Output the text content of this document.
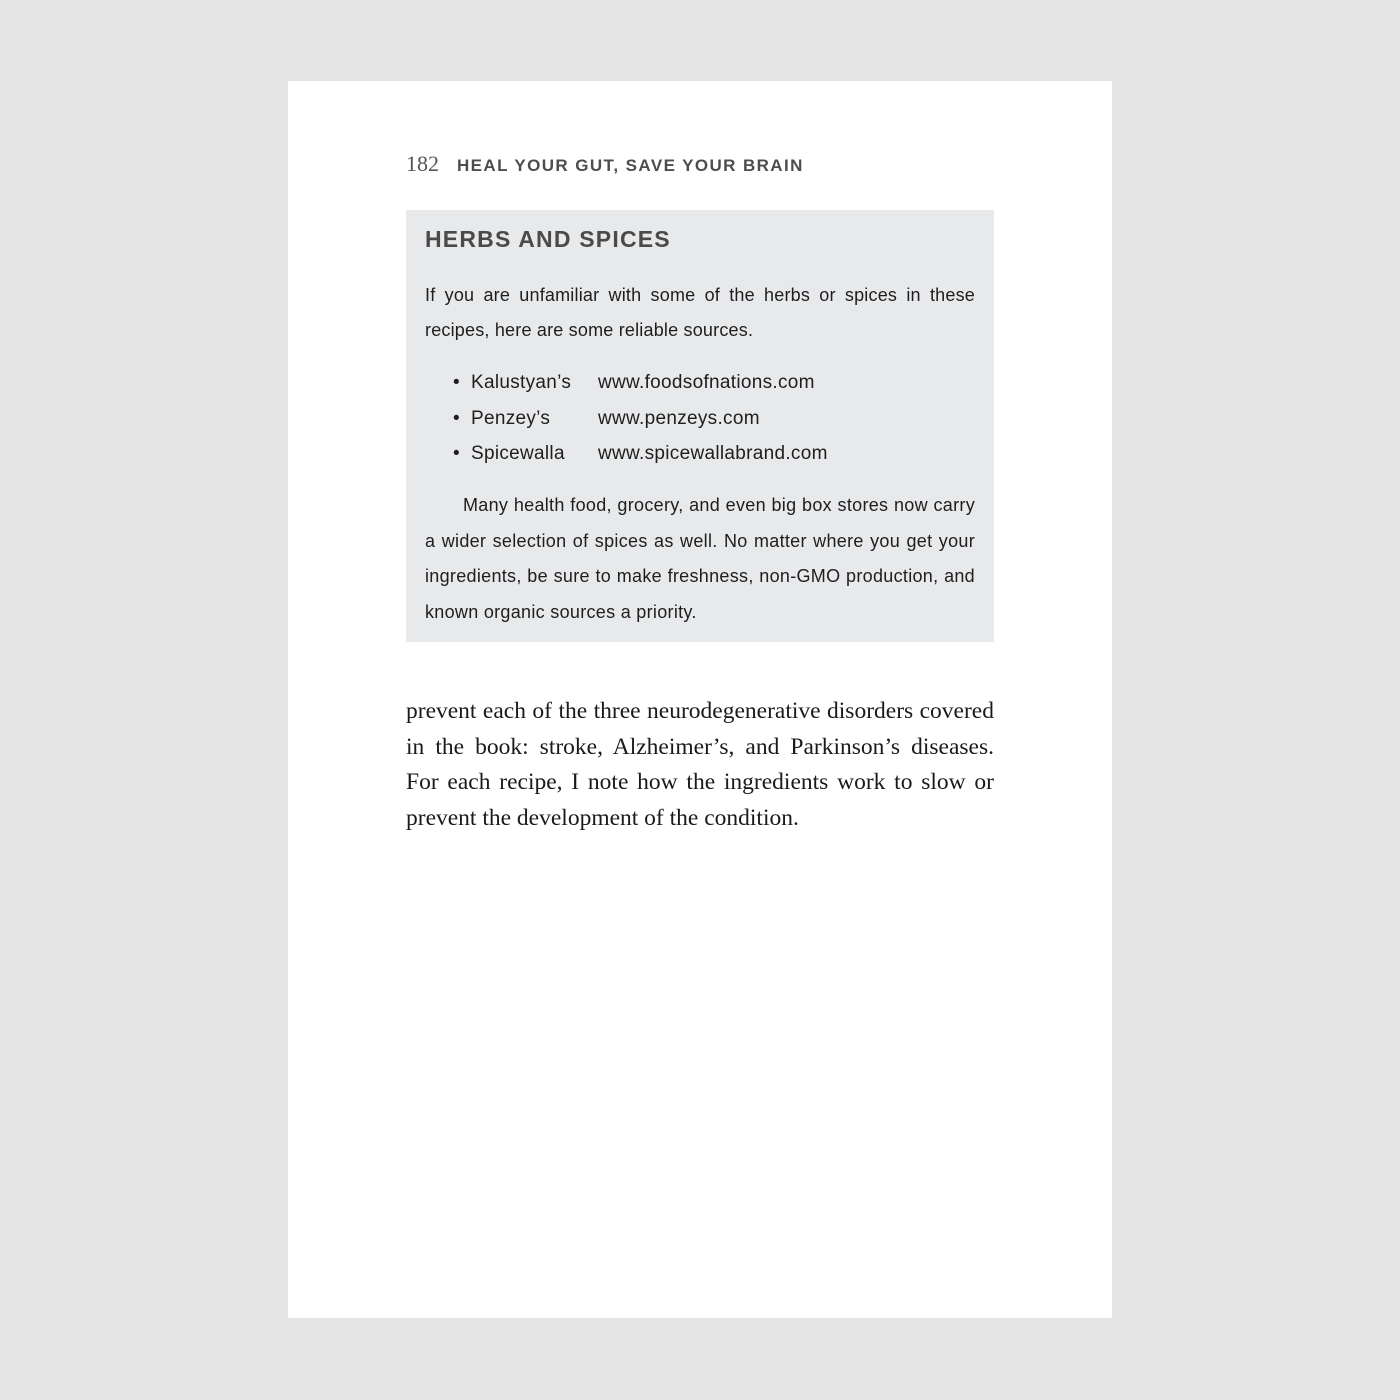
182 HEAL YOUR GUT, SAVE YOUR BRAIN
HERBS AND SPICES

If you are unfamiliar with some of the herbs or spices in these recipes, here are some reliable sources.

• Kalustyan’s	www.foodsofnations.com
• Penzey’s	www.penzeys.com
• Spicewalla	www.spicewallabrand.com

Many health food, grocery, and even big box stores now carry a wider selection of spices as well. No matter where you get your ingredients, be sure to make freshness, non-GMO production, and known organic sources a priority.

prevent each of the three neurodegenerative disorders covered in the book: stroke, Alzheimer’s, and Parkinson’s diseases. For each recipe, I note how the ingredients work to slow or prevent the development of the condition.
